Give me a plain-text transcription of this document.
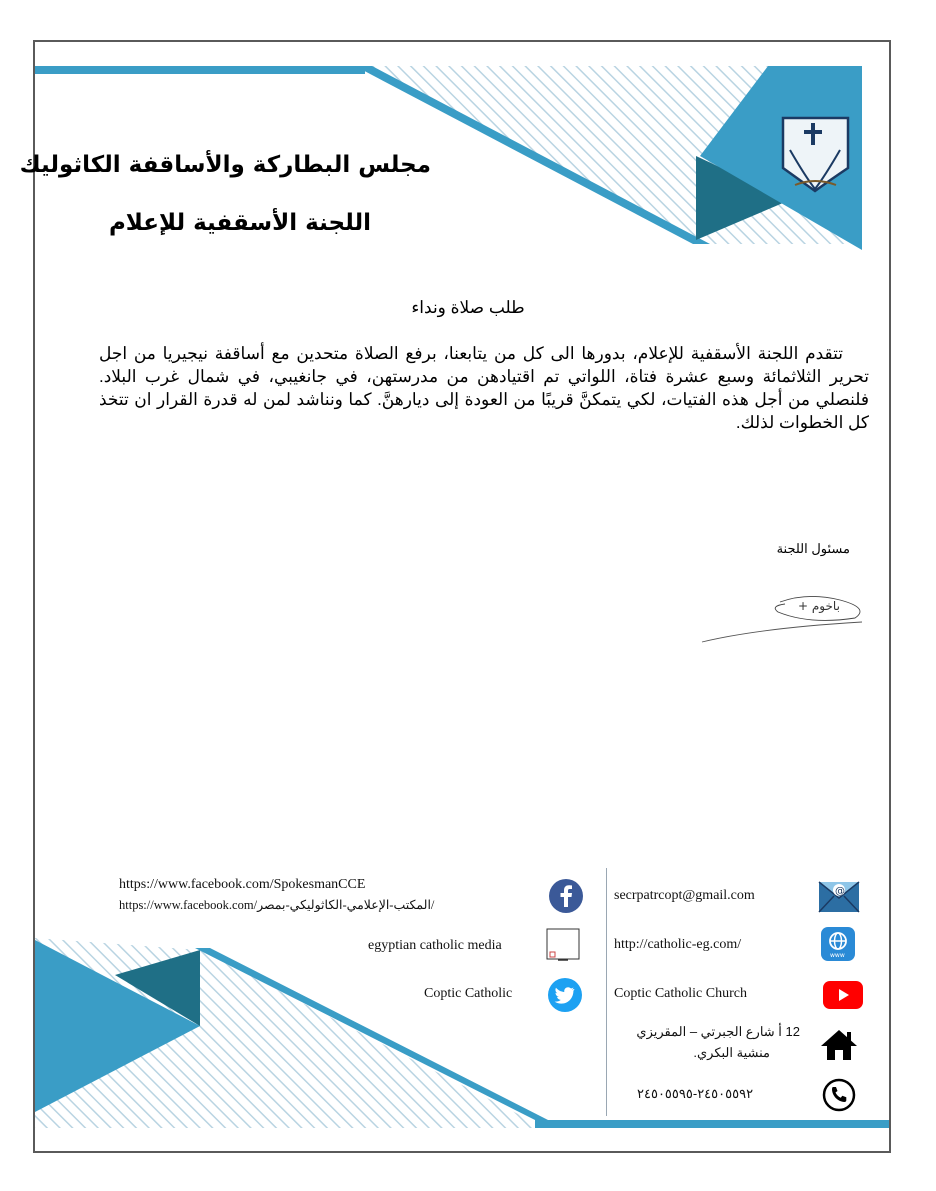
مجلس البطاركة والأساقفة الكاثوليك
اللجنة الأسقفية للإعلام
طلب صلاة ونداء
تتقدم اللجنة الأسقفية للإعلام، بدورها الى كل من يتابعنا، برفع الصلاة متحدين مع أساقفة نيجيريا من اجل تحرير الثلاثمائة وسبع عشرة فتاة، اللواتي تم اقتيادهن من مدرستهن، في جانغيبي، في شمال غرب البلاد. فلنصلي من أجل هذه الفتيات، لكي يتمكنَّ قريبًا من العودة إلى ديارهنَّ. كما ونناشد لمن له قدرة القرار ان تتخذ كل الخطوات لذلك.
مسئول اللجنة
+ باخوم
https://www.facebook.com/SpokesmanCCE
https://www.facebook.com/المكتب-الإعلامي-الكاثوليكي-بمصر/
egyptian catholic media
Coptic Catholic
secrpatrcopt@gmail.com	@
http://catholic-eg.com/
www
Coptic Catholic Church
12 أ شارع الجبرتي – المقريزي
منشية البكري.
٢٤٥٠٥٥٩٢-٢٤٥٠٥٥٩٥
